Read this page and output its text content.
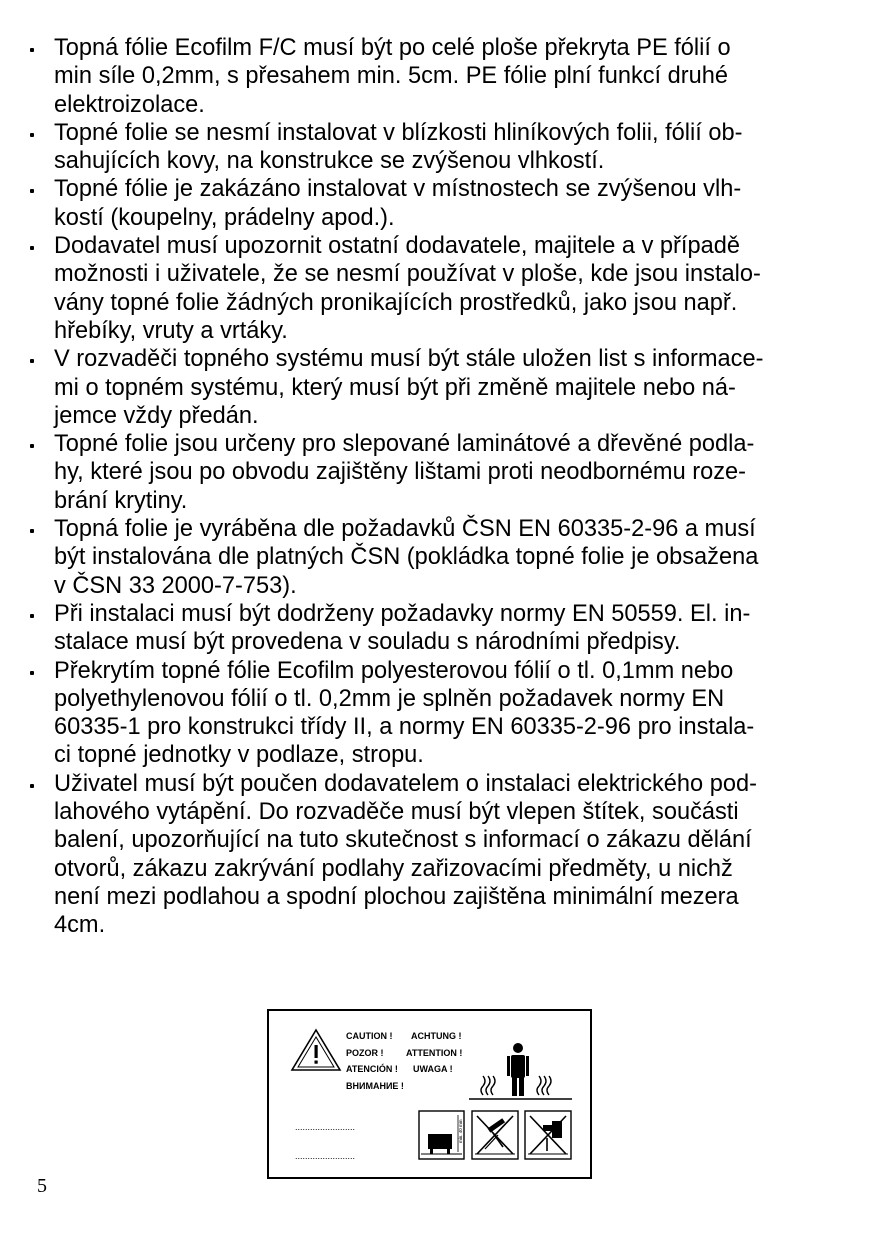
Topná fólie Ecofilm F/C musí být po celé ploše překryta PE fólií o
min síle 0,2mm, s přesahem min. 5cm. PE fólie plní funkcí druhé
elektroizolace.
Topné folie se nesmí instalovat v blízkosti hliníkových folii, fólií ob-
sahujících kovy, na konstrukce se zvýšenou vlhkostí.
Topné fólie je zakázáno instalovat v místnostech se zvýšenou vlh-
kostí (koupelny, prádelny apod.).
Dodavatel musí upozornit ostatní dodavatele, majitele a v případě
možnosti i uživatele, že se nesmí používat v ploše, kde jsou instalo-
vány topné folie žádných pronikajících prostředků, jako jsou např.
hřebíky, vruty a vrtáky.
V rozvaděči topného systému musí být stále uložen list s informace-
mi o topném systému, který musí být při změně majitele nebo ná-
jemce vždy předán.
Topné folie jsou určeny pro slepované laminátové a dřevěné podla-
hy, které jsou po obvodu zajištěny lištami proti neodbornému roze-
brání krytiny.
Topná folie je vyráběna dle požadavků ČSN EN 60335-2-96 a musí
být instalována dle platných ČSN (pokládka topné folie je obsažena
v ČSN 33 2000-7-753).
Při instalaci musí být dodrženy požadavky normy EN 50559. El. in-
stalace musí být provedena v souladu s národními předpisy.
Překrytím topné fólie Ecofilm polyesterovou fólií o tl. 0,1mm nebo
polyethylenovou fólií o tl. 0,2mm je splněn požadavek normy EN
60335-1 pro konstrukci třídy II, a normy EN 60335-2-96 pro instala-
ci topné jednotky v podlaze, stropu.
Uživatel musí být poučen dodavatelem o instalaci elektrického pod-
lahového vytápění. Do rozvaděče musí být vlepen štítek, součásti
balení, upozorňující na tuto skutečnost s informací o zákazu dělání
otvorů, zákazu zakrývání podlahy zařizovacími předměty, u nichž
není mezi podlahou a spodní plochou zajištěna minimální mezera
4cm.
CAUTION ! ACHTUNG !
POZOR !	ATTENTION !
ATENCIÓN ! UWAGA !
ВНИМАНИЕ !
........................
........................
min. 40 mm
5
